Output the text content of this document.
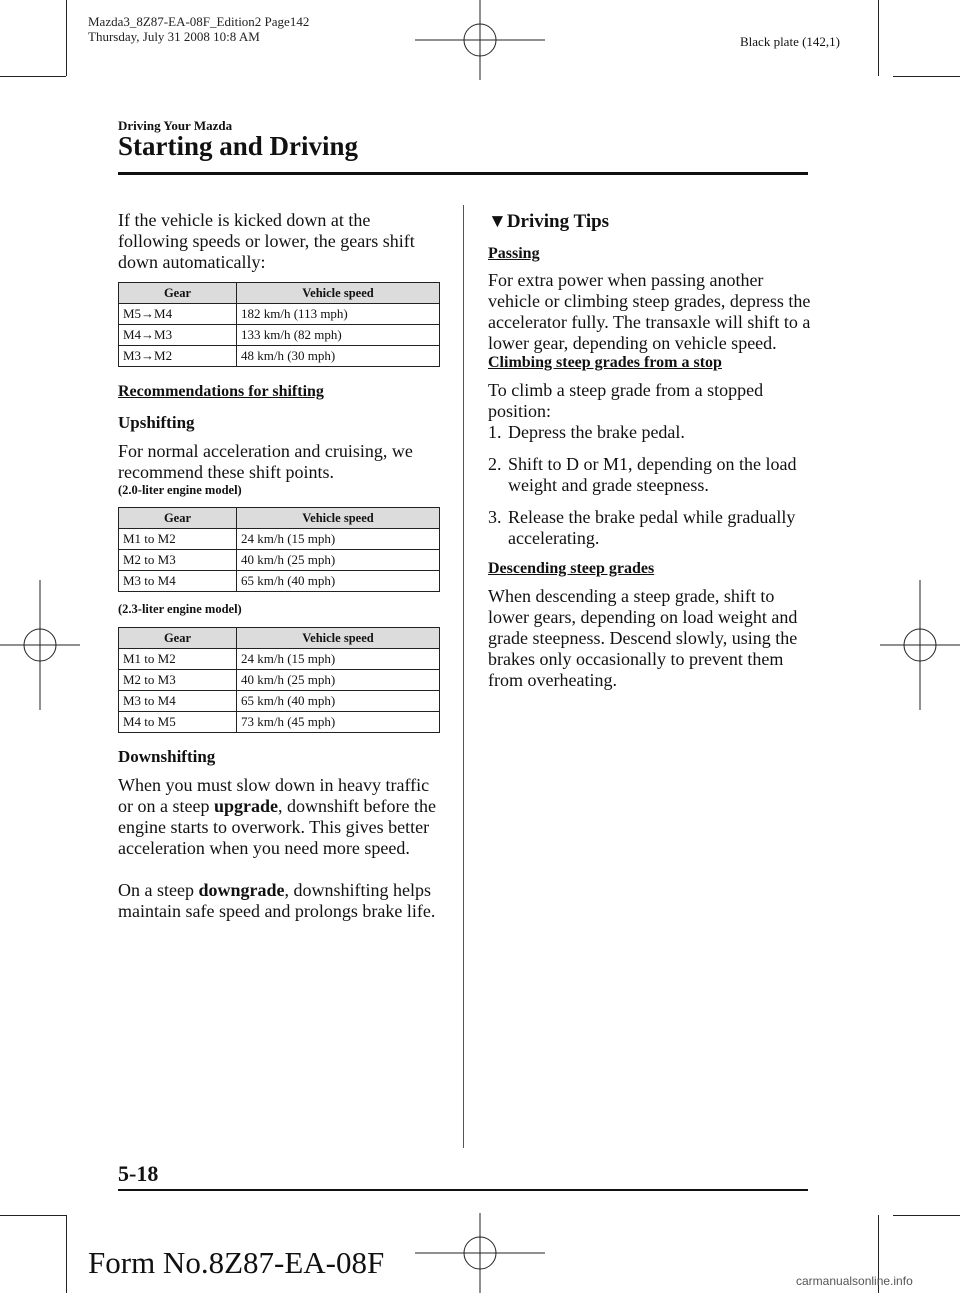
Mazda3_8Z87-EA-08F_Edition2 Page142
Thursday, July 31 2008 10:8 AM	Black plate (142,1)
Driving Your Mazda
Starting and Driving

If the vehicle is kicked down at the following speeds or lower, the gears shift down automatically:

Gear	Vehicle speed
M5→M4	182 km/h (113 mph)
M4→M3	133 km/h (82 mph)
M3→M2	48 km/h (30 mph)

Recommendations for shifting

Upshifting

For normal acceleration and cruising, we recommend these shift points.

(2.0-liter engine model)

Gear	Vehicle speed
M1 to M2	24 km/h (15 mph)
M2 to M3	40 km/h (25 mph)
M3 to M4	65 km/h (40 mph)

(2.3-liter engine model)

Gear	Vehicle speed
M1 to M2	24 km/h (15 mph)
M2 to M3	40 km/h (25 mph)
M3 to M4	65 km/h (40 mph)
M4 to M5	73 km/h (45 mph)

Downshifting

When you must slow down in heavy traffic or on a steep upgrade, downshift before the engine starts to overwork. This gives better acceleration when you need more speed.

On a steep downgrade, downshifting helps maintain safe speed and prolongs brake life.

▼Driving Tips

Passing

For extra power when passing another vehicle or climbing steep grades, depress the accelerator fully. The transaxle will shift to a lower gear, depending on vehicle speed.

Climbing steep grades from a stop

To climb a steep grade from a stopped position:

1. Depress the brake pedal.
2. Shift to D or M1, depending on the load weight and grade steepness.
3. Release the brake pedal while gradually accelerating.

Descending steep grades

When descending a steep grade, shift to lower gears, depending on load weight and grade steepness. Descend slowly, using the brakes only occasionally to prevent them from overheating.

5-18
Form No.8Z87-EA-08F
carmanualsonline.info
